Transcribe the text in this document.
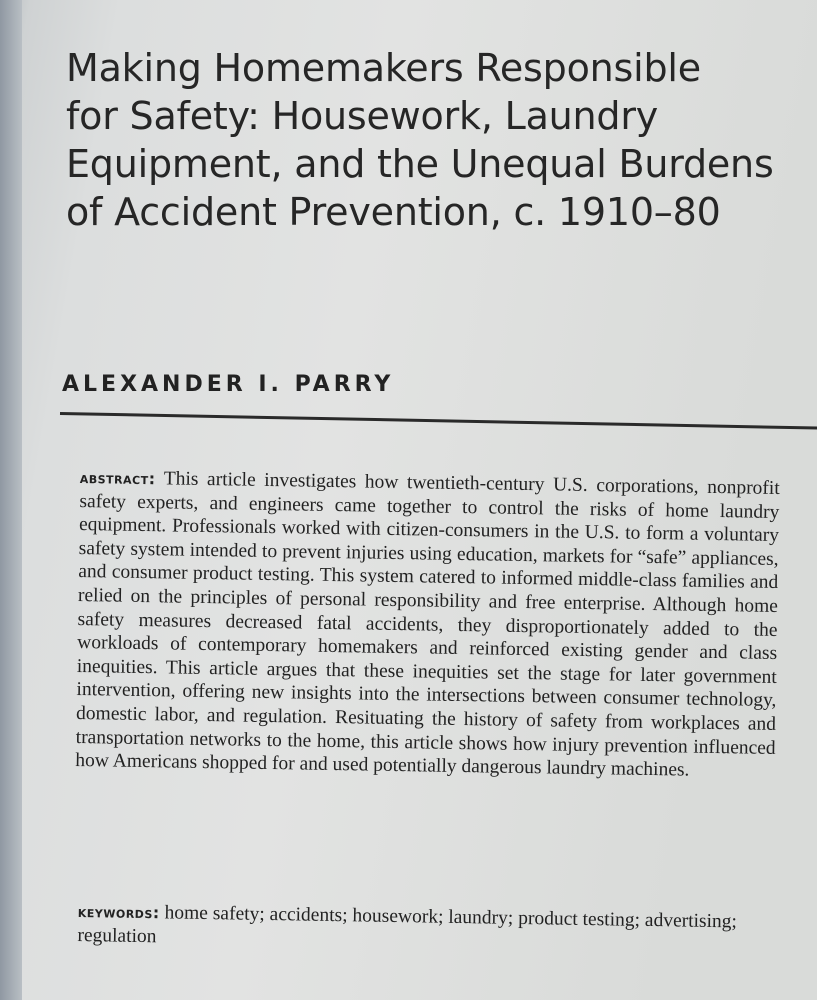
Making Homemakers Responsible
for Safety: Housework, Laundry
Equipment, and the Unequal Burdens
of Accident Prevention, c. 1910–80
ALEXANDER I. PARRY

abstract: This article investigates how twentieth-century U.S. corporations, nonprofit safety experts, and engineers came together to control the risks of home laundry equipment. Professionals worked with citizen-consumers in the U.S. to form a voluntary safety system intended to prevent injuries using education, markets for “safe” appliances, and consumer product testing. This system catered to informed middle-class families and relied on the principles of personal responsibility and free enterprise. Although home safety measures decreased fatal accidents, they disproportionately added to the workloads of contemporary homemakers and reinforced existing gender and class inequities. This article argues that these inequities set the stage for later government intervention, offering new insights into the intersections between consumer technology, domestic labor, and regulation. Resituating the history of safety from workplaces and transportation networks to the home, this article shows how injury prevention influenced how Americans shopped for and used potentially dangerous laundry machines.

keywords: home safety; accidents; housework; laundry; product testing; advertising; regulation
